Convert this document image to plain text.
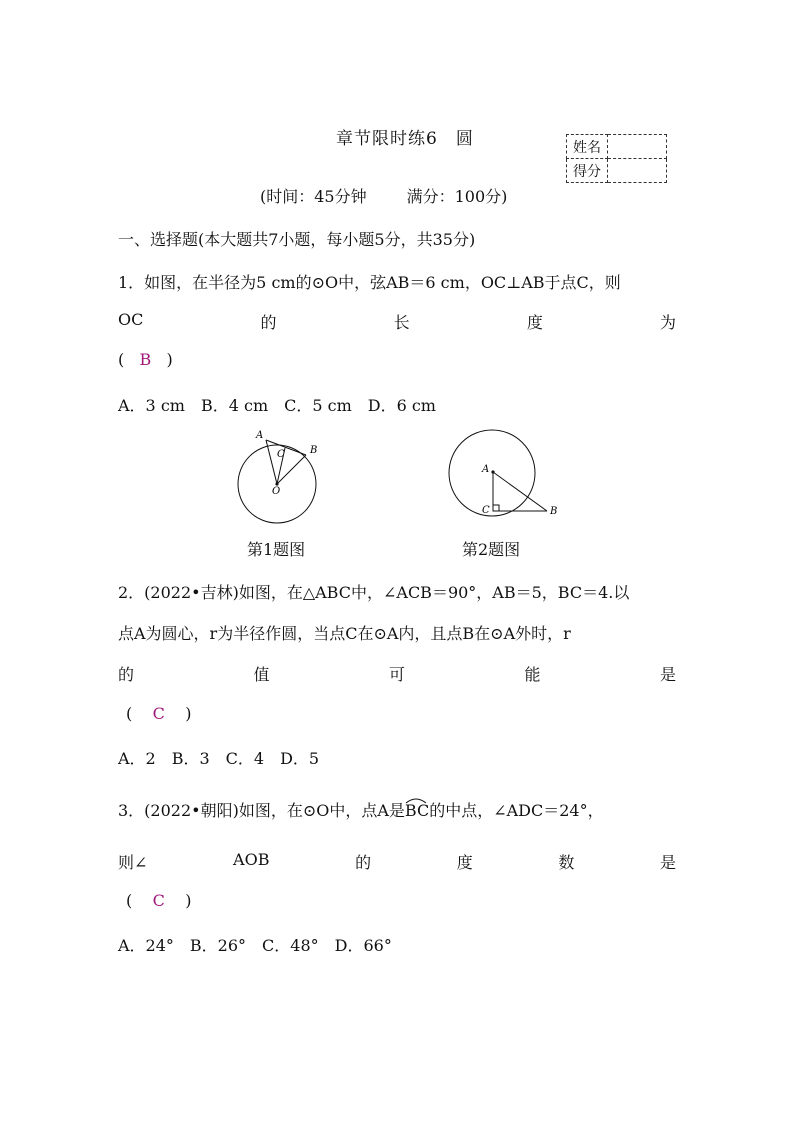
章节限时练6　圆	姓名	
得分	
(时间：45分钟	满分：100分)
一、选择题(本大题共7小题，每小题5分，共35分)
1．如图，在半径为5 cm的⊙O中，弦AB＝6 cm，OC⊥AB于点C，则
OC	的	长	度	为
( B )
A．3 cm　B．4 cm　C．5 cm　D．6 cm
A
B
C
O
A
C	B
第1题图	第2题图
2．(2022•吉林)如图，在△ABC中，∠ACB＝90°，AB＝5，BC＝4.以
点A为圆心，r为半径作圆，当点C在⊙A内，且点B在⊙A外时，r
的	值	可	能	是
( C )
A．2　B．3　C．4　D．5
3．(2022•朝阳)如图，在⊙O中，点A是
BC的中点，∠ADC＝24°，
则∠	AOB	的	度	数	是
( C )
A．24°　B．26°　C．48°　D．66°
